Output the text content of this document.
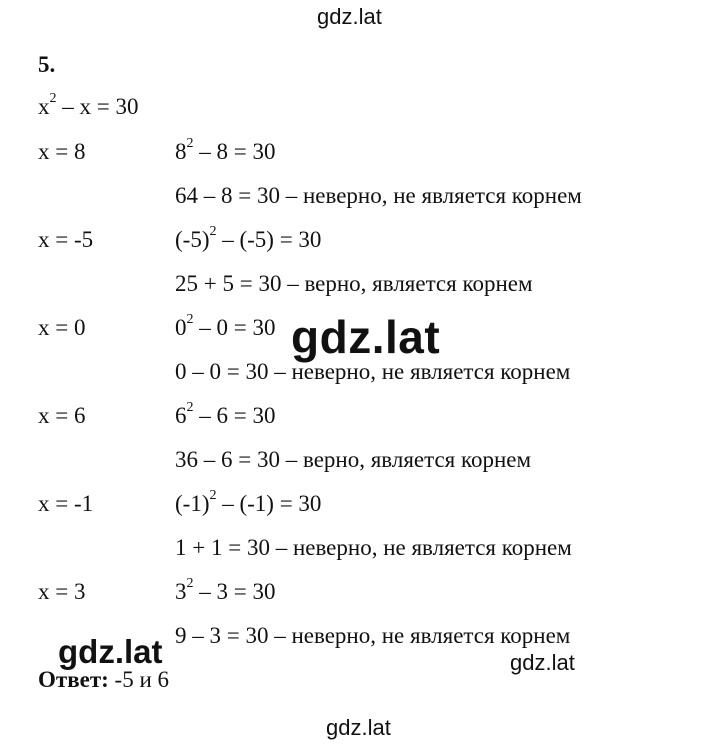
gdz.lat
5.
$x^2 - x = 30$
x = 8	$8^2 - 8 = 30$
64 – 8 = 30 – неверно, не является корнем
x = -5	$(-5)^2 - (-5) = 30$
25 + 5 = 30 – верно, является корнем
x = 0	$0^2 - 0 = 30$
0 – 0 = 30 – неверно, не является корнем
x = 6	$6^2 - 6 = 30$
36 – 6 = 30 – верно, является корнем
x = -1	$(-1)^2 - (-1) = 30$
1 + 1 = 30 – неверно, не является корнем
x = 3	$3^2 - 3 = 30$
9 – 3 = 30 – неверно, не является корнем
Ответ: -5 и 6
gdz.lat
gdz.lat	gdz.lat
gdz.lat
